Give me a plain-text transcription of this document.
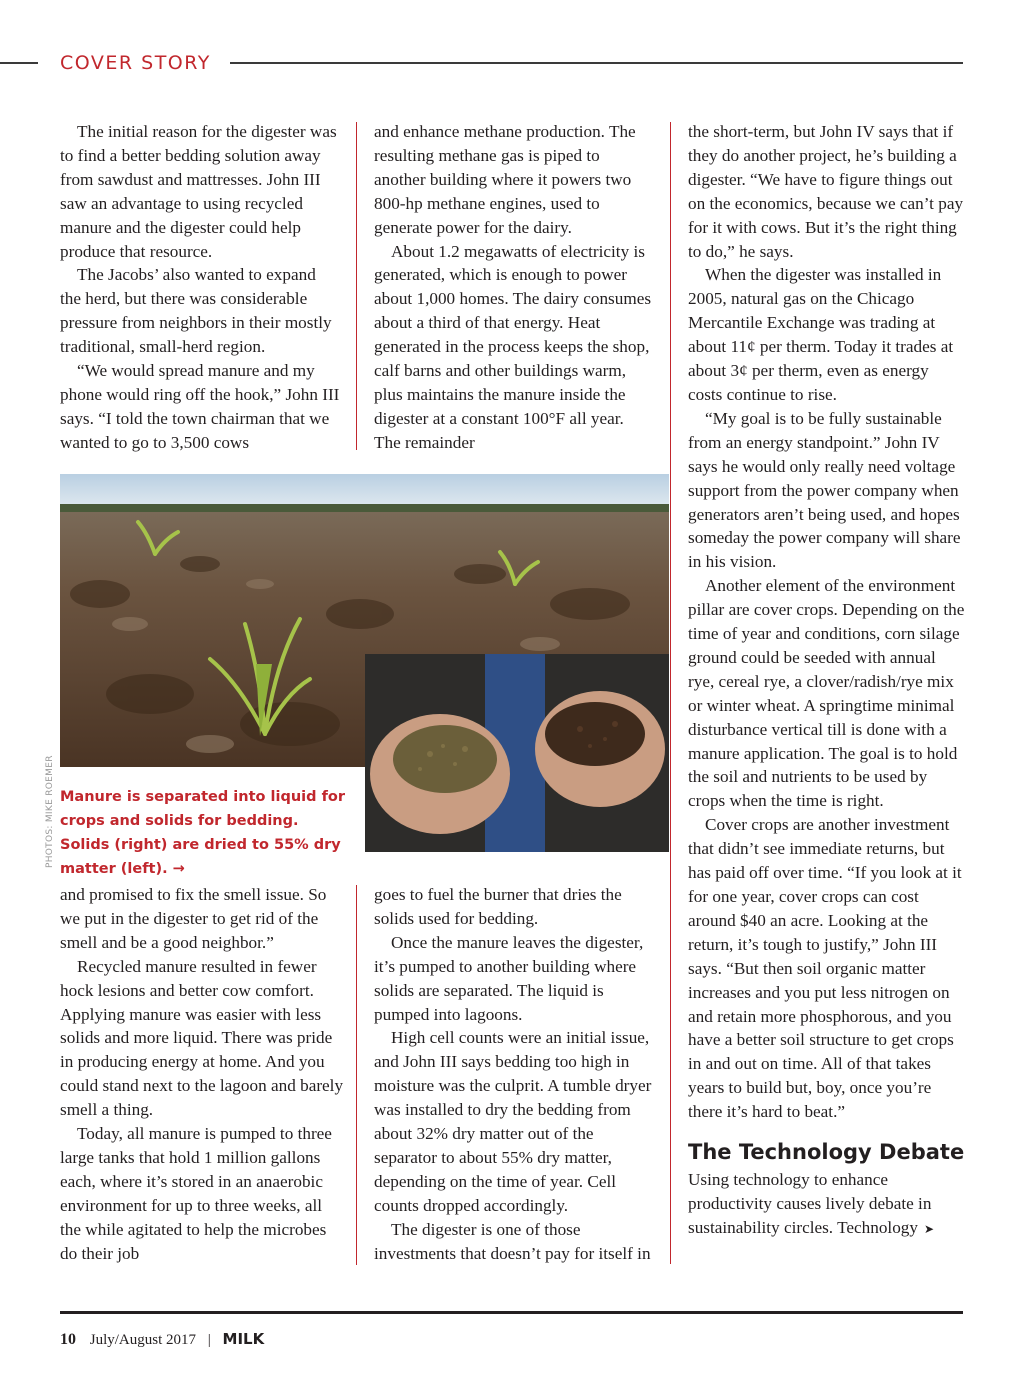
COVER STORY

The initial reason for the digester was to find a better bedding solution away from sawdust and mattresses. John III saw an advantage to using recycled manure and the digester could help produce that resource.

The Jacobs’ also wanted to expand the herd, but there was considerable pressure from neighbors in their mostly traditional, small-herd region.

“We would spread manure and my phone would ring off the hook,” John III says. “I told the town chairman that we wanted to go to 3,500 cows

and enhance methane production. The resulting methane gas is piped to another building where it powers two 800-hp methane engines, used to generate power for the dairy.

About 1.2 megawatts of electricity is generated, which is enough to power about 1,000 homes. The dairy consumes about a third of that energy. Heat generated in the process keeps the shop, calf barns and other buildings warm, plus maintains the manure inside the digester at a constant 100°F all year. The remainder

the short-term, but John IV says that if they do another project, he’s building a digester. “We have to figure things out on the economics, because we can’t pay for it with cows. But it’s the right thing to do,” he says.

When the digester was installed in 2005, natural gas on the Chicago Mercantile Exchange was trading at about 11¢ per therm. Today it trades at about 3¢ per therm, even as energy costs continue to rise.

“My goal is to be fully sustainable from an energy standpoint.” John IV says he would only really need voltage support from the power company when generators aren’t being used, and hopes someday the power company will share in his vision.

Another element of the environment pillar are cover crops. Depending on the time of year and conditions, corn silage ground could be seeded with annual rye, cereal rye, a clover/radish/rye mix or winter wheat. A springtime minimal disturbance vertical till is done with a manure application. The goal is to hold the soil and nutrients to be used by crops when the time is right.

Cover crops are another investment that didn’t see immediate returns, but has paid off over time. “If you look at it for one year, cover crops can cost around $40 an acre. Looking at the return, it’s tough to justify,” John III says. “But then soil organic matter increases and you put less nitrogen on and retain more phosphorous, and you have a better soil structure to get crops in and out on time. All of that takes years to build but, boy, once you’re there it’s hard to beat.”

The Technology Debate

Using technology to enhance productivity causes lively debate in sustainability circles. Technology ➤

PHOTOS: MIKE ROEMER Manure is separated into liquid for crops and solids for bedding. Solids (right) are dried to 55% dry matter (left). →

and promised to fix the smell issue. So we put in the digester to get rid of the smell and be a good neighbor.”

Recycled manure resulted in fewer hock lesions and better cow comfort. Applying manure was easier with less solids and more liquid. There was pride in producing energy at home. And you could stand next to the lagoon and barely smell a thing.

Today, all manure is pumped to three large tanks that hold 1 million gallons each, where it’s stored in an anaerobic environment for up to three weeks, all the while agitated to help the microbes do their job

goes to fuel the burner that dries the solids used for bedding.

Once the manure leaves the digester, it’s pumped to another building where solids are separated. The liquid is pumped into lagoons.

High cell counts were an initial issue, and John III says bedding too high in moisture was the culprit. A tumble dryer was installed to dry the bedding from about 32% dry matter out of the separator to about 55% dry matter, depending on the time of year. Cell counts dropped accordingly.

The digester is one of those investments that doesn’t pay for itself in

10 July/August 2017 | MILK
